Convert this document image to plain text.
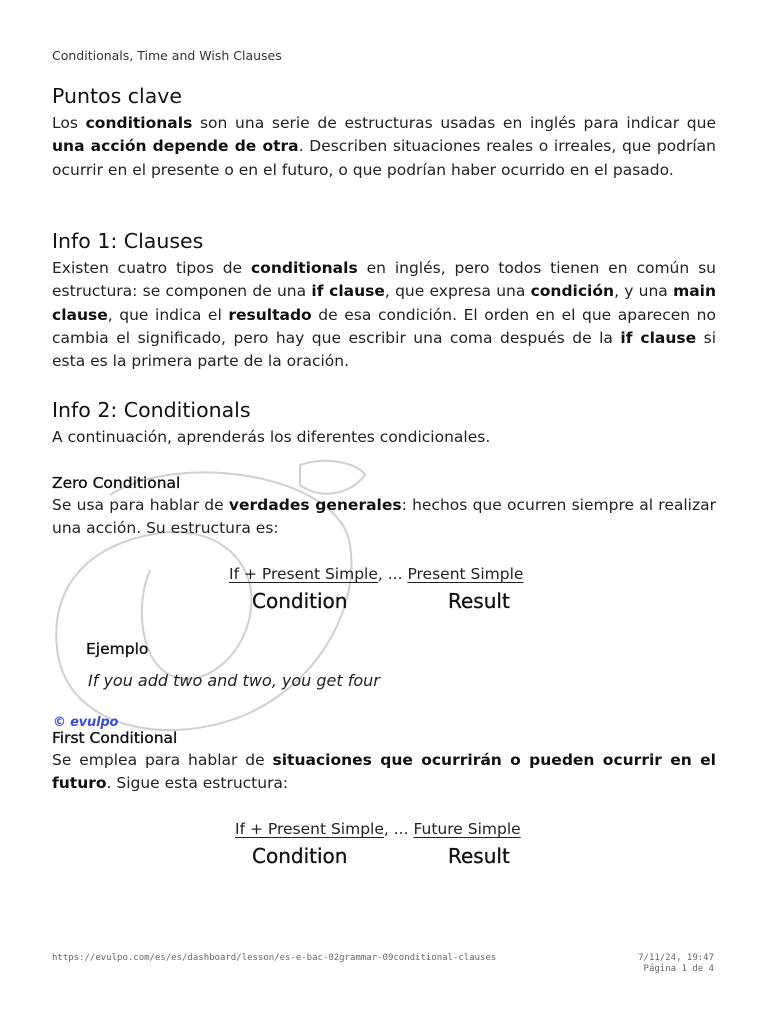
Conditionals, Time and Wish Clauses
Puntos clave

Los conditionals son una serie de estructuras usadas en inglés para indicar que una acción depende de otra. Describen situaciones reales o irreales, que podrían ocurrir en el presente o en el futuro, o que podrían haber ocurrido en el pasado.

Info 1: Clauses

Existen cuatro tipos de conditionals en inglés, pero todos tienen en común su estructura: se componen de una if clause, que expresa una condición, y una main clause, que indica el resultado de esa condición. El orden en el que aparecen no cambia el significado, pero hay que escribir una coma después de la if clause si esta es la primera parte de la oración.

Info 2: Conditionals

A continuación, aprenderás los diferentes condicionales.

Zero Conditional

Se usa para hablar de verdades generales: hechos que ocurren siempre al realizar una acción. Su estructura es:

If + Present Simple, ... Present Simple
Condition	Result
Ejemplo
If you add two and two, you get four
© evulpo
First Conditional

Se emplea para hablar de situaciones que ocurrirán o pueden ocurrir en el futuro. Sigue esta estructura:

If + Present Simple, ... Future Simple
Condition	Result
https://evulpo.com/es/es/dashboard/lesson/es-e-bac-02grammar-09conditional-clauses	7/11/24, 19:47
Página 1 de 4
